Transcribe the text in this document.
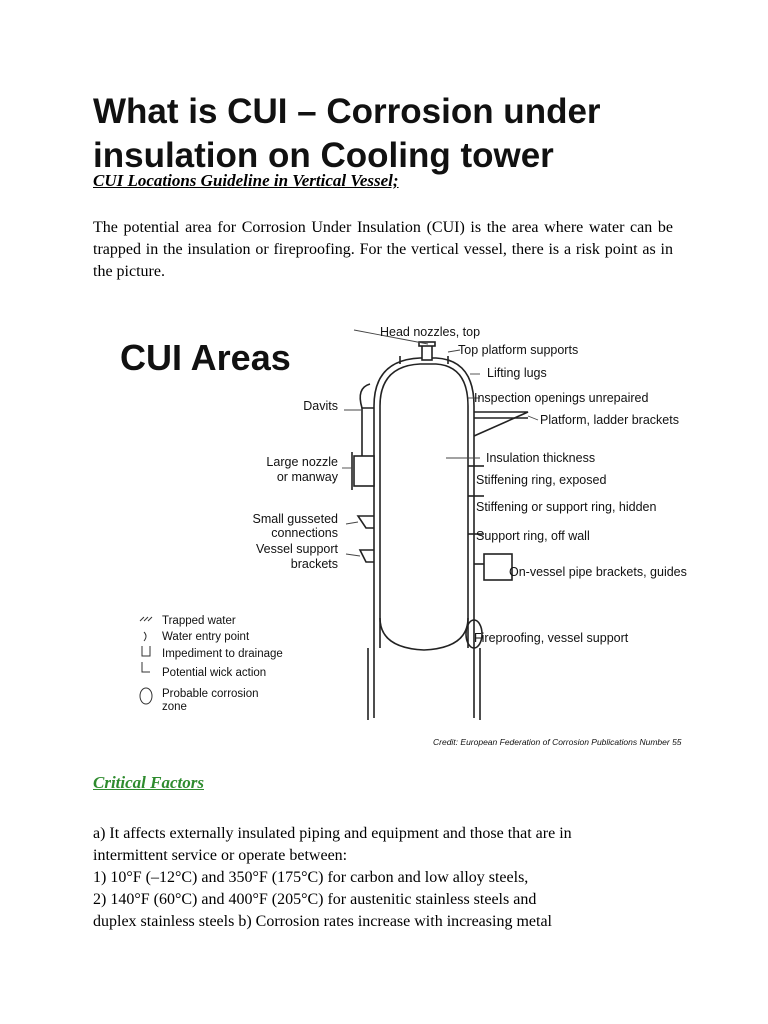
What is CUI – Corrosion under insulation on Cooling tower

CUI Locations Guideline in Vertical Vessel;

The potential area for Corrosion Under Insulation (CUI) is the area where water can be trapped in the insulation or fireproofing. For the vertical vessel, there is a risk point as in the picture.

CUI Areas
Davits
Large nozzle
or manway
Small gusseted
connections
Vessel support
brackets
Head nozzles, top
Top platform supports
Lifting lugs
Inspection openings unrepaired
Platform, ladder brackets
Insulation thickness
Stiffening ring, exposed
Stiffening or support ring, hidden
Support ring, off wall
On-vessel pipe brackets, guides
Fireproofing, vessel support
Trapped water
Water entry point
Impediment to drainage
Potential wick action
Probable corrosion
zone
Credit: European Federation of Corrosion Publications Number 55

Critical Factors

a) It affects externally insulated piping and equipment and those that are in
intermittent service or operate between:
1) 10°F (–12°C) and 350°F (175°C) for carbon and low alloy steels,
2) 140°F (60°C) and 400°F (205°C) for austenitic stainless steels and
duplex stainless steels b) Corrosion rates increase with increasing metal
